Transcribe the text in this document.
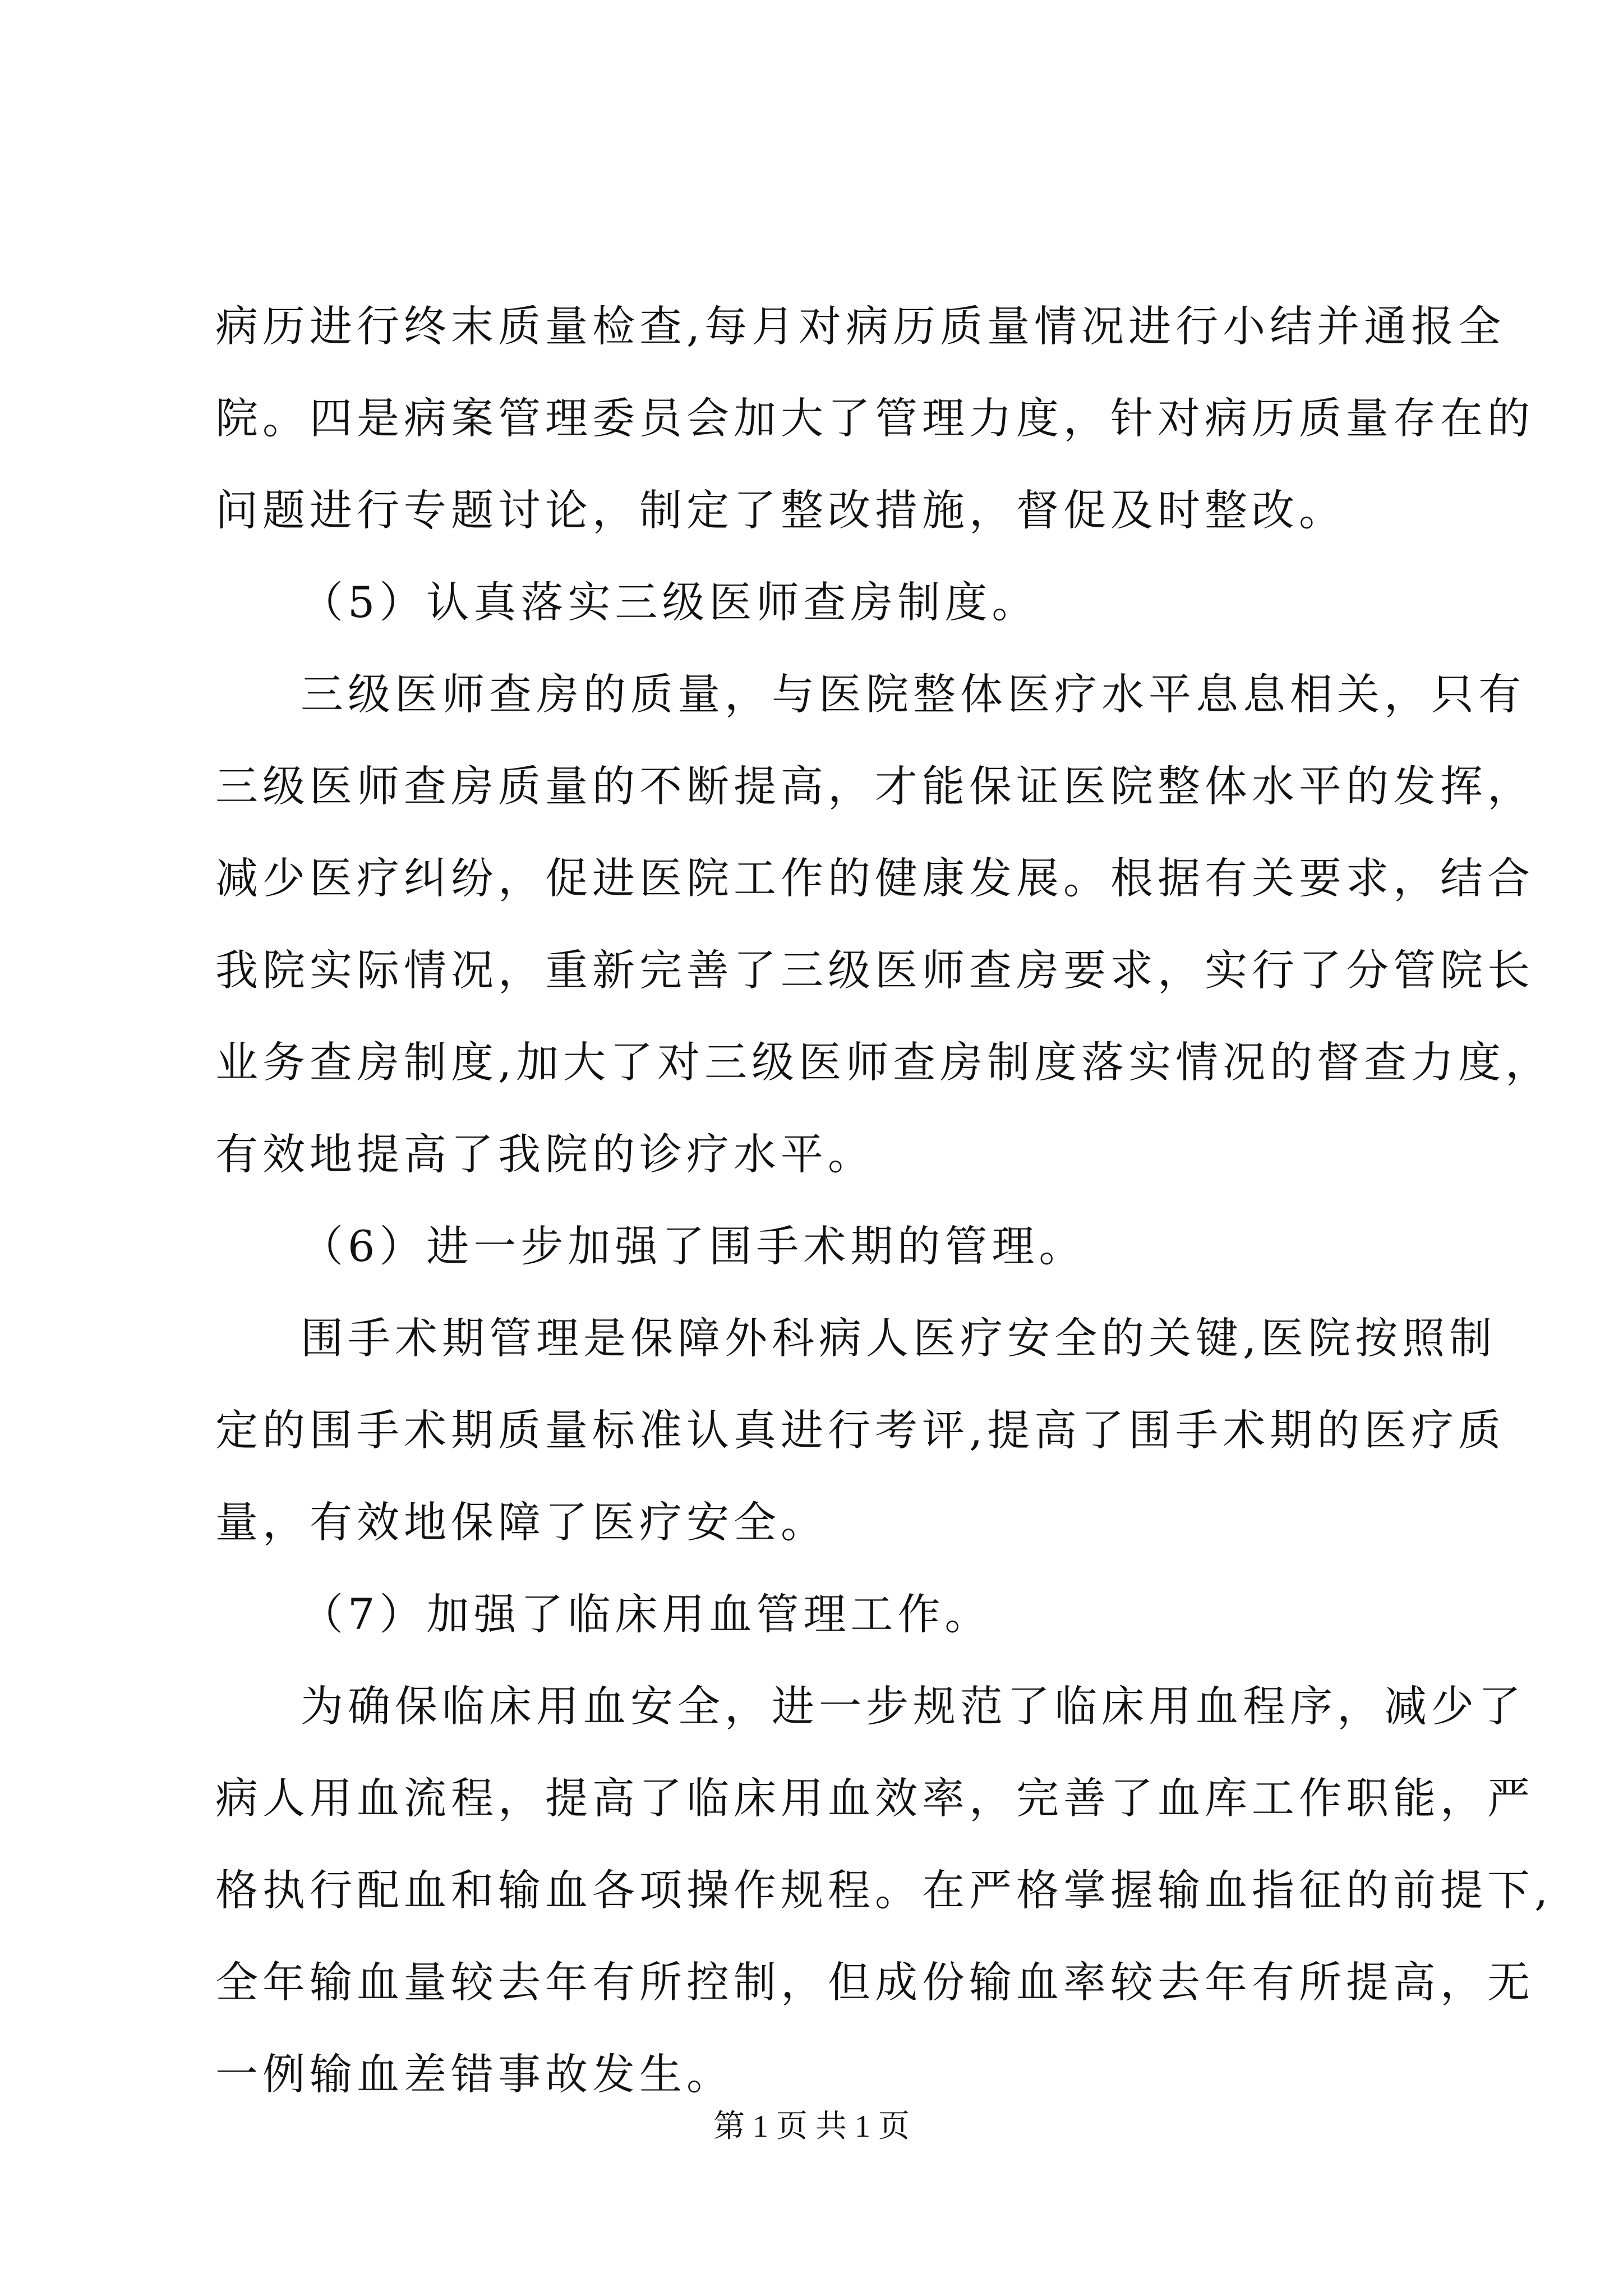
病历进行终末质量检查,每月对病历质量情况进行小结并通报全
院。四是病案管理委员会加大了管理力度，针对病历质量存在的
问题进行专题讨论，制定了整改措施，督促及时整改。
（5）认真落实三级医师查房制度。
三级医师查房的质量，与医院整体医疗水平息息相关，只有
三级医师查房质量的不断提高，才能保证医院整体水平的发挥，
减少医疗纠纷，促进医院工作的健康发展。根据有关要求，结合
我院实际情况，重新完善了三级医师查房要求，实行了分管院长
业务查房制度,加大了对三级医师查房制度落实情况的督查力度，
有效地提高了我院的诊疗水平。
（6）进一步加强了围手术期的管理。
围手术期管理是保障外科病人医疗安全的关键,医院按照制
定的围手术期质量标准认真进行考评,提高了围手术期的医疗质
量，有效地保障了医疗安全。
（7）加强了临床用血管理工作。
为确保临床用血安全，进一步规范了临床用血程序，减少了
病人用血流程，提高了临床用血效率，完善了血库工作职能，严
格执行配血和输血各项操作规程。在严格掌握输血指征的前提下,
全年输血量较去年有所控制，但成份输血率较去年有所提高，无
一例输血差错事故发生。
第 1 页 共 1 页
